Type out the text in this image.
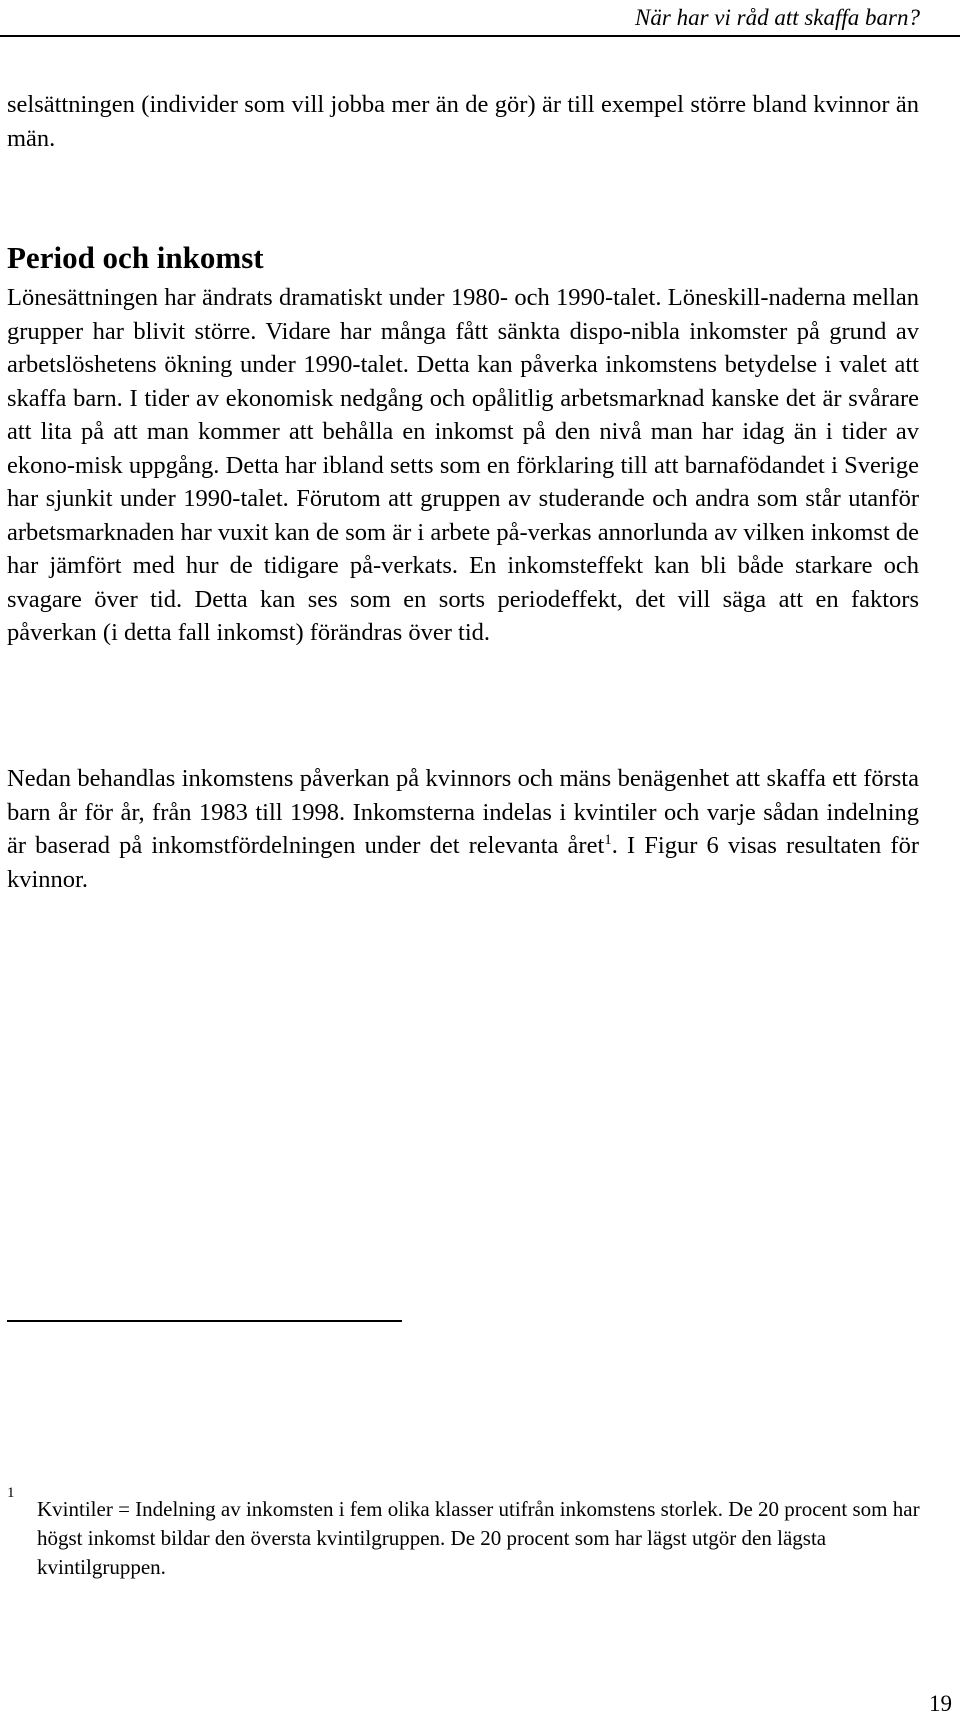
När har vi råd att skaffa barn?

selsättningen (individer som vill jobba mer än de gör) är till exempel större bland kvinnor än män.

Period och inkomst

Lönesättningen har ändrats dramatiskt under 1980- och 1990-talet. Löneskill-naderna mellan grupper har blivit större. Vidare har många fått sänkta dispo-nibla inkomster på grund av arbetslöshetens ökning under 1990-talet. Detta kan påverka inkomstens betydelse i valet att skaffa barn. I tider av ekonomisk nedgång och opålitlig arbetsmarknad kanske det är svårare att lita på att man kommer att behålla en inkomst på den nivå man har idag än i tider av ekono-misk uppgång. Detta har ibland setts som en förklaring till att barnafödandet i Sverige har sjunkit under 1990-talet. Förutom att gruppen av studerande och andra som står utanför arbetsmarknaden har vuxit kan de som är i arbete på-verkas annorlunda av vilken inkomst de har jämfört med hur de tidigare på-verkats. En inkomsteffekt kan bli både starkare och svagare över tid. Detta kan ses som en sorts periodeffekt, det vill säga att en faktors påverkan (i detta fall inkomst) förändras över tid.

Nedan behandlas inkomstens påverkan på kvinnors och mäns benägenhet att skaffa ett första barn år för år, från 1983 till 1998. Inkomsterna indelas i kvintiler och varje sådan indelning är baserad på inkomstfördelningen under det relevanta året$^1$. I Figur 6 visas resultaten för kvinnor.

1
Kvintiler = Indelning av inkomsten i fem olika klasser utifrån inkomstens storlek. De 20 procent som har högst inkomst bildar den översta kvintilgruppen. De 20 procent som har lägst utgör den lägsta kvintilgruppen.
19
